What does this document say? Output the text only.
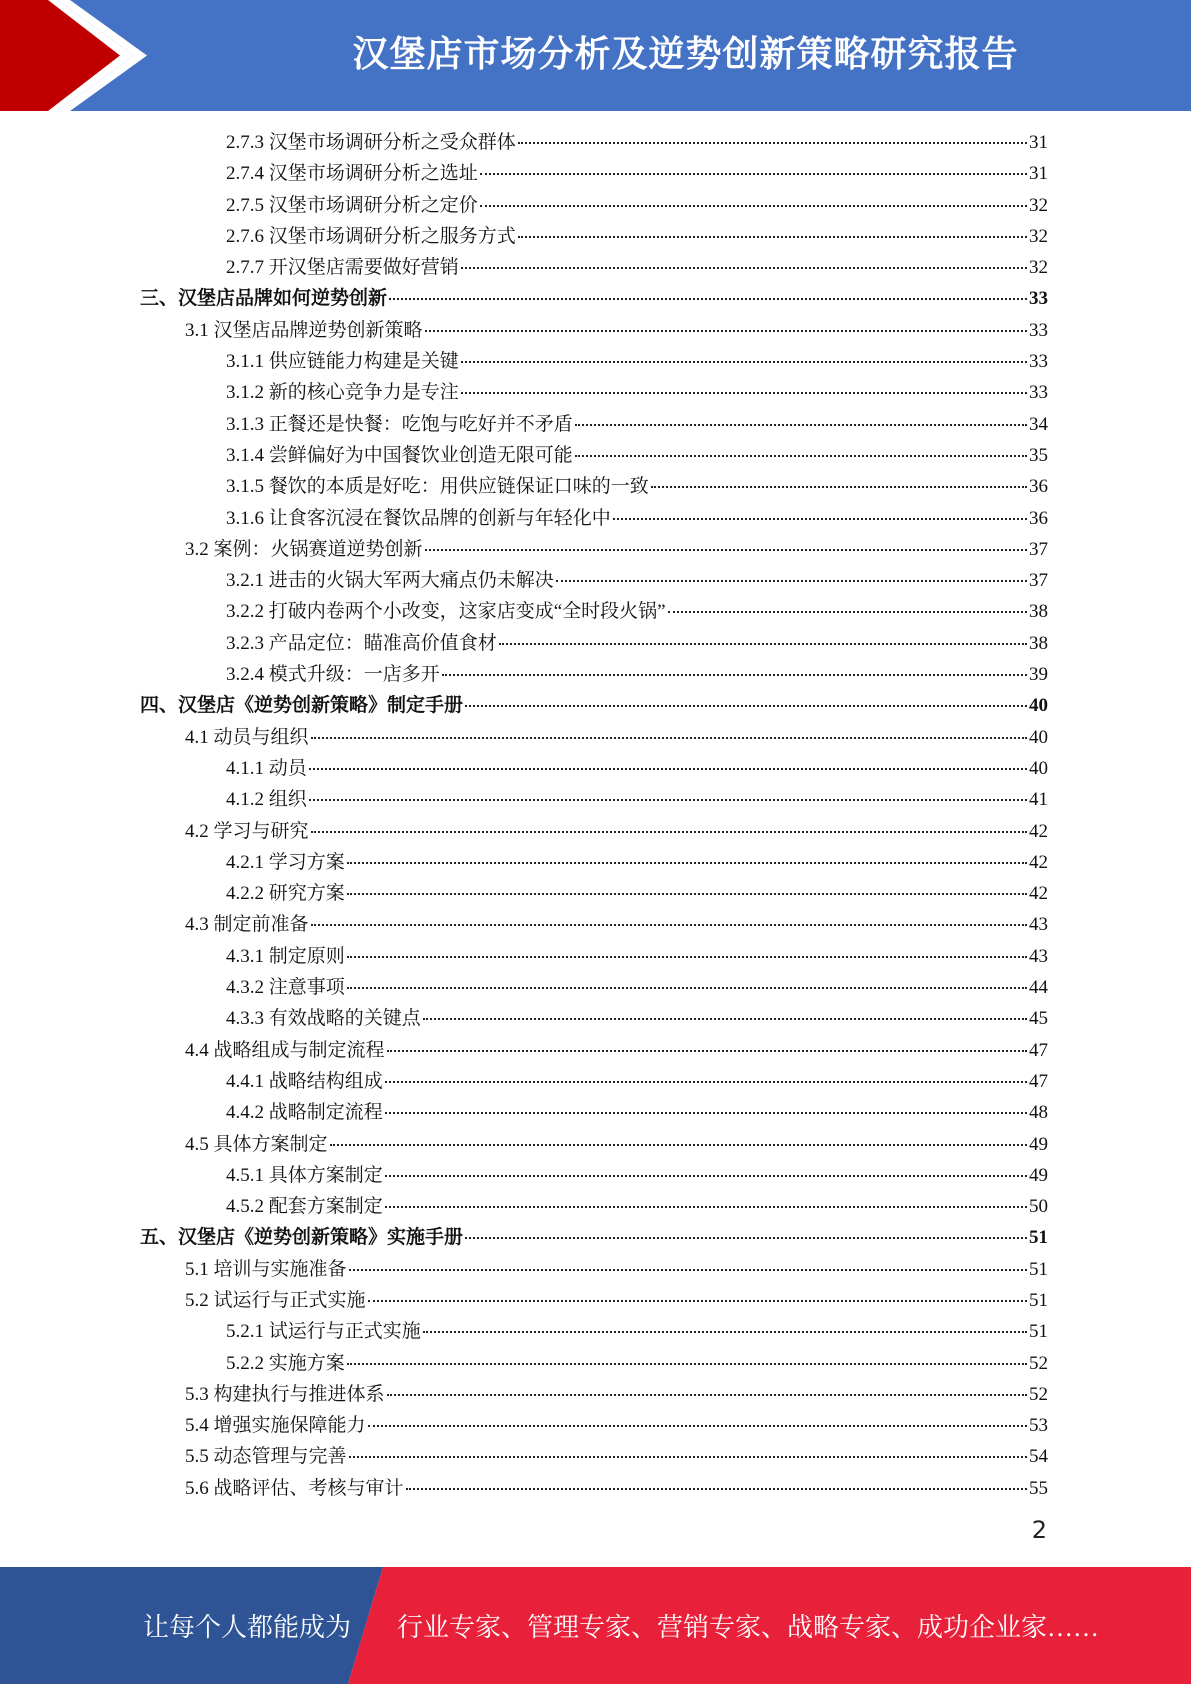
汉堡店市场分析及逆势创新策略研究报告
2.7.3 汉堡市场调研分析之受众群体	31
2.7.4 汉堡市场调研分析之选址	31
2.7.5 汉堡市场调研分析之定价	32
2.7.6 汉堡市场调研分析之服务方式	32
2.7.7 开汉堡店需要做好营销	32
三、汉堡店品牌如何逆势创新	33
3.1 汉堡店品牌逆势创新策略	33
3.1.1 供应链能力构建是关键	33
3.1.2 新的核心竞争力是专注	33
3.1.3 正餐还是快餐：吃饱与吃好并不矛盾	34
3.1.4 尝鲜偏好为中国餐饮业创造无限可能	35
3.1.5 餐饮的本质是好吃：用供应链保证口味的一致	36
3.1.6 让食客沉浸在餐饮品牌的创新与年轻化中	36
3.2 案例：火锅赛道逆势创新	37
3.2.1 进击的火锅大军两大痛点仍未解决	37
3.2.2 打破内卷两个小改变，这家店变成“全时段火锅”	38
3.2.3 产品定位：瞄准高价值食材	38
3.2.4 模式升级：一店多开	39
四、汉堡店《逆势创新策略》制定手册	40
4.1 动员与组织	40
4.1.1 动员	40
4.1.2 组织	41
4.2 学习与研究	42
4.2.1 学习方案	42
4.2.2 研究方案	42
4.3 制定前准备	43
4.3.1 制定原则	43
4.3.2 注意事项	44
4.3.3 有效战略的关键点	45
4.4 战略组成与制定流程	47
4.4.1 战略结构组成	47
4.4.2 战略制定流程	48
4.5 具体方案制定	49
4.5.1 具体方案制定	49
4.5.2 配套方案制定	50
五、汉堡店《逆势创新策略》实施手册	51
5.1 培训与实施准备	51
5.2 试运行与正式实施	51
5.2.1 试运行与正式实施	51
5.2.2 实施方案	52
5.3 构建执行与推进体系	52
5.4 增强实施保障能力	53
5.5 动态管理与完善	54
5.6 战略评估、考核与审计	55
2
让每个人都能成为 行业专家、管理专家、营销专家、战略专家、成功企业家……
